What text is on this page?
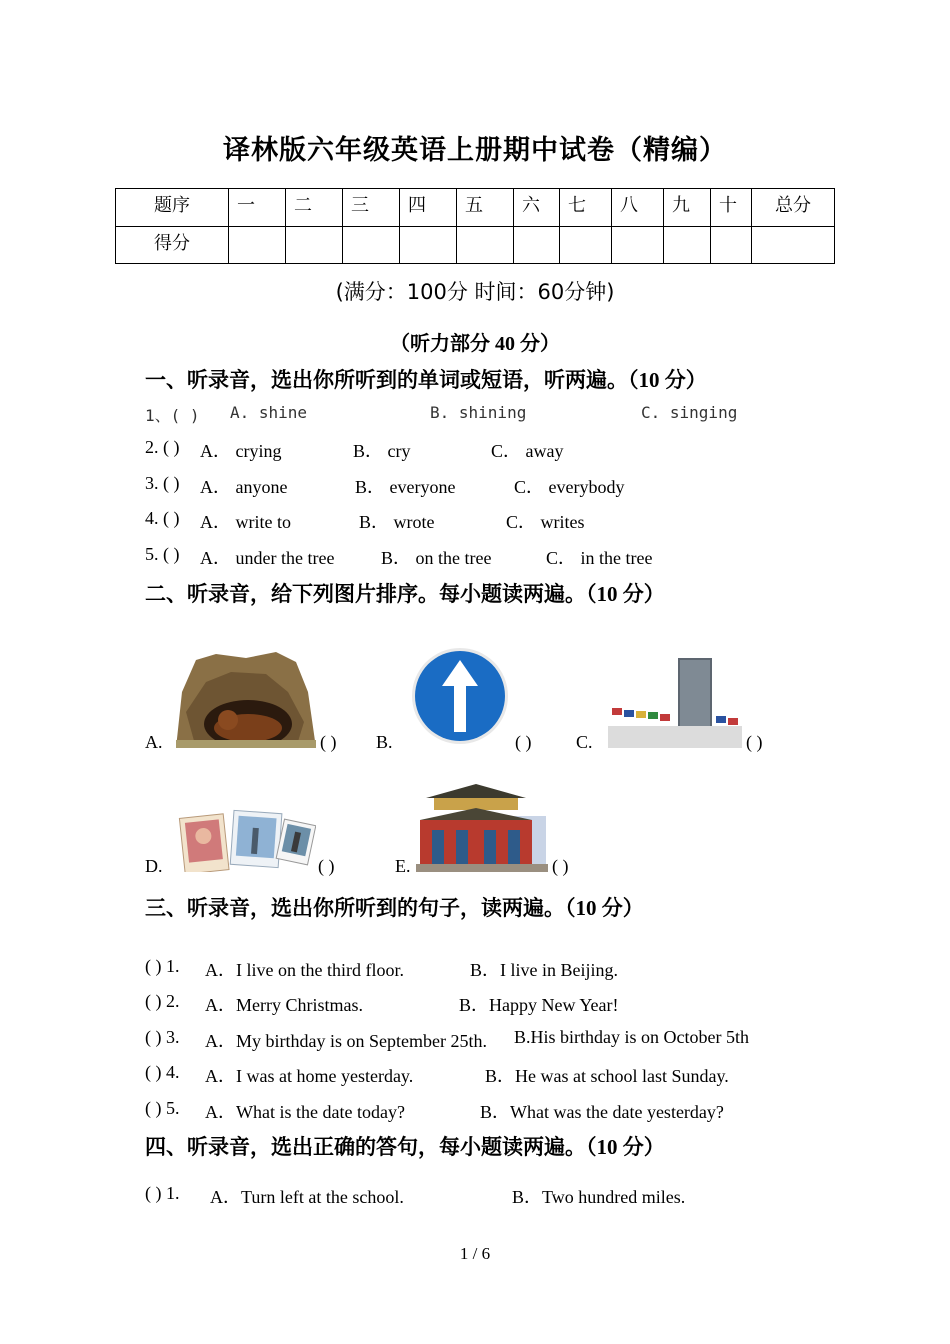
译林版六年级英语上册期中试卷（精编）
题序	一	二	三	四	五	六	七	八	九	十	总分
得分											
(满分：100分 时间：60分钟)
（听力部分 40 分）
一、听录音，选出你所听到的单词或短语，听两遍。（10 分）
1、( ) A. shine	B. shining	C. singing
2. ( ) A． crying	B． cry	C． away
3. ( ) A． anyone	B． everyone	C． everybody
4. ( ) A． write to	B． wrote	C． writes
5. ( ) A． under the tree	B． on the tree	C． in the tree
二、听录音，给下列图片排序。每小题读两遍。（10 分）
A.	( ) B.	( ) C.	( )
D.	( )	E.	( )
三、听录音，选出你所听到的句子，读两遍。（10 分）
( ) 1. A．I live on the third floor.	B．I live in Beijing.
( ) 2. A．Merry Christmas.	B．Happy New Year!
( ) 3. A．My birthday is on September 25th. B.His birthday is on October 5th
( ) 4. A．I was at home yesterday.	B．He was at school last Sunday.
( ) 5. A．What is the date today?	B．What was the date yesterday?
四、听录音，选出正确的答句，每小题读两遍。（10 分）
( ) 1. A．Turn left at the school.	B．Two hundred miles.
1 / 6
